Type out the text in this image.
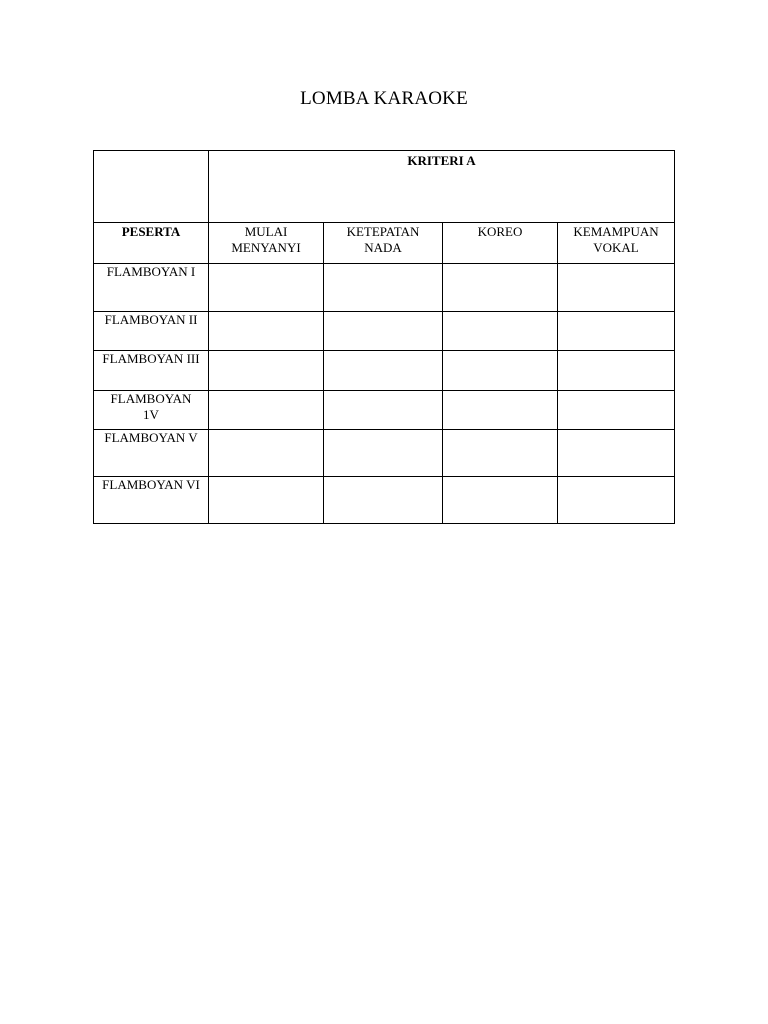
LOMBA KARAOKE
	KRITERI A			
PESERTA	MULAI MENYANYI	KETEPATAN NADA	KOREO	KEMAMPUAN VOKAL
FLAMBOYAN I				
FLAMBOYAN II				
FLAMBOYAN III				
FLAMBOYAN 1V				
FLAMBOYAN V				
FLAMBOYAN VI				
